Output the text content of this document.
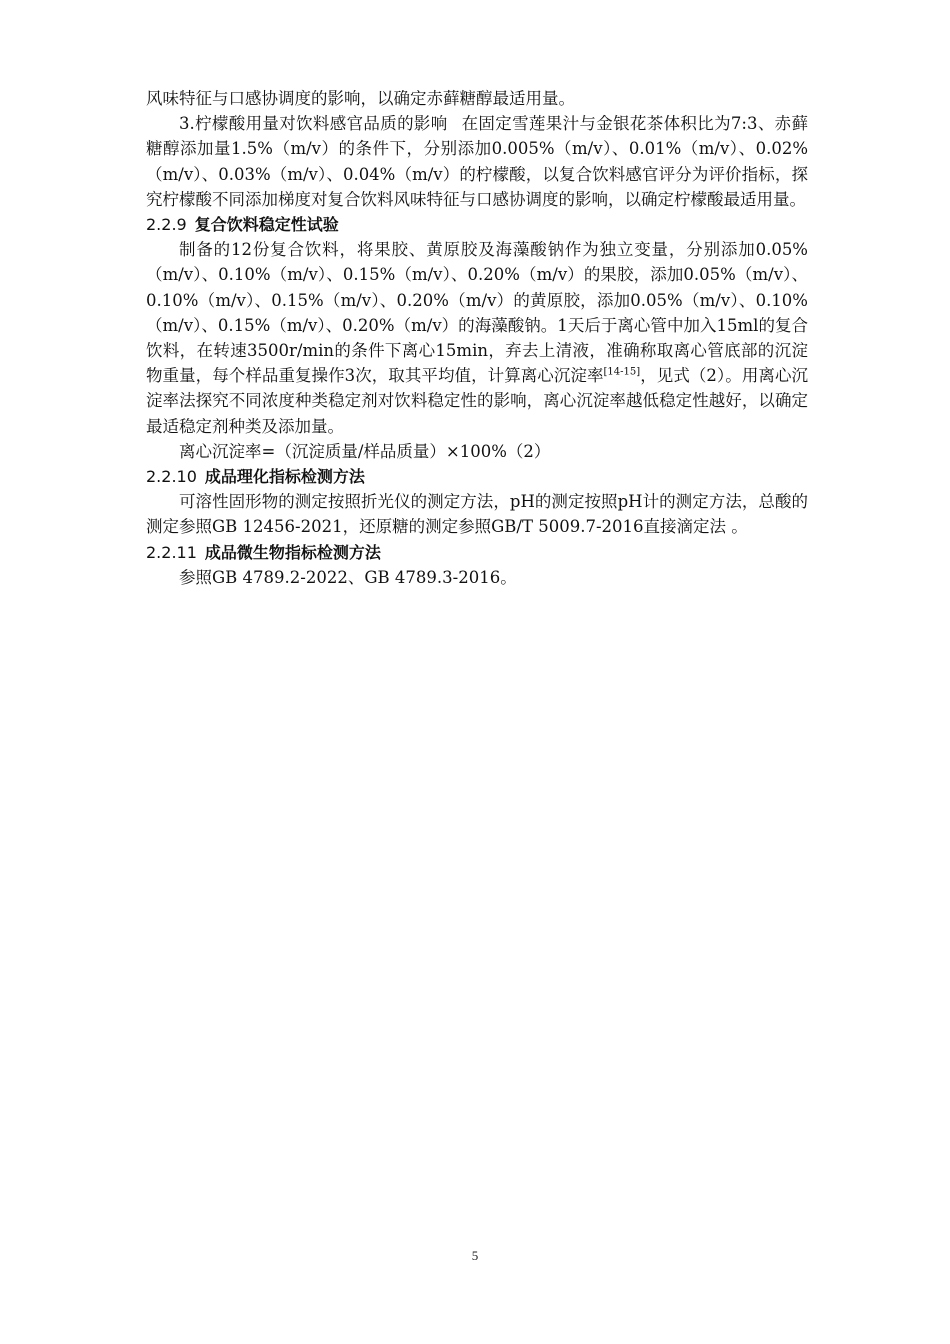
风味特征与口感协调度的影响，以确定赤藓糖醇最适用量。

3.柠檬酸用量对饮料感官品质的影响 在固定雪莲果汁与金银花茶体积比为7:3、赤藓糖醇添加量1.5%（m/v）的条件下，分别添加0.005%（m/v）、0.01%（m/v）、0.02%（m/v）、0.03%（m/v）、0.04%（m/v）的柠檬酸，以复合饮料感官评分为评价指标，探究柠檬酸不同添加梯度对复合饮料风味特征与口感协调度的影响，以确定柠檬酸最适用量。

2.2.9 复合饮料稳定性试验

制备的12份复合饮料，将果胶、黄原胶及海藻酸钠作为独立变量，分别添加0.05%（m/v）、0.10%（m/v）、0.15%（m/v）、0.20%（m/v）的果胶，添加0.05%（m/v）、0.10%（m/v）、0.15%（m/v）、0.20%（m/v）的黄原胶，添加0.05%（m/v）、0.10%（m/v）、0.15%（m/v）、0.20%（m/v）的海藻酸钠。1天后于离心管中加入15ml的复合饮料，在转速3500r/min的条件下离心15min，弃去上清液，准确称取离心管底部的沉淀物重量，每个样品重复操作3次，取其平均值，计算离心沉淀率[14-15]，见式（2）。用离心沉淀率法探究不同浓度种类稳定剂对饮料稳定性的影响，离心沉淀率越低稳定性越好，以确定最适稳定剂种类及添加量。

离心沉淀率=（沉淀质量/样品质量）×100%（2）

2.2.10 成品理化指标检测方法

可溶性固形物的测定按照折光仪的测定方法，pH的测定按照pH计的测定方法，总酸的测定参照GB 12456-2021，还原糖的测定参照GB/T 5009.7-2016直接滴定法 。

2.2.11 成品微生物指标检测方法

参照GB 4789.2-2022、GB 4789.3-2016。

5
